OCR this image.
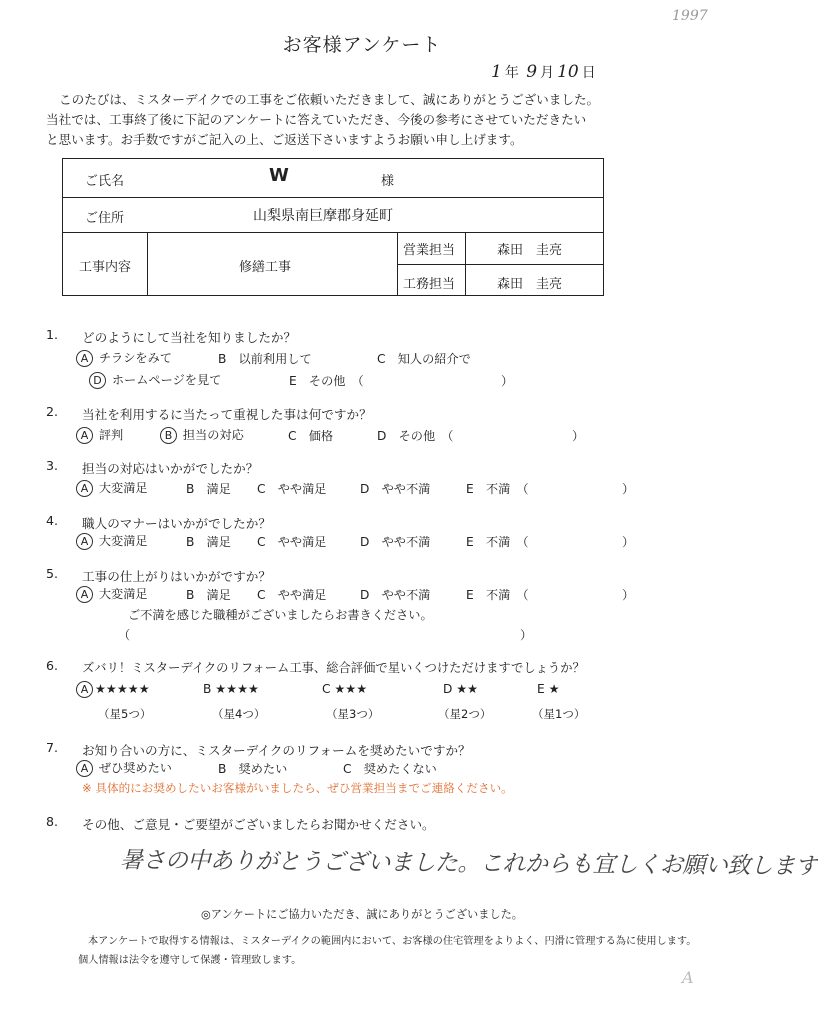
1997
お客様アンケート
1 年 9 月 10 日
このたびは、ミスターデイクでの工事をご依頼いただきまして、誠にありがとうございました。
当社では、工事終了後に下記のアンケートに答えていただき、今後の参考にさせていただきたい
と思います。お手数ですがご記入の上、ご返送下さいますようお願い申し上げます。
ご氏名	W	様
ご住所	山梨県南巨摩郡身延町
工事内容	修繕工事
営業担当	森田　圭亮
工務担当	森田　圭亮
1. どのようにして当社を知りましたか？
A チラシをみて	B　以前利用して	C　知人の紹介で
D ホームページを見て	E　その他　（	）
2. 当社を利用するに当たって重視した事は何ですか？
A 評判	B 担当の対応	C　価格	D　その他　（	）
3. 担当の対応はいかがでしたか？
A 大変満足	B　満足 C　やや満足	D　やや不満	E　不満　（	）
4. 職人のマナーはいかがでしたか？
A 大変満足	B　満足 C　やや満足	D　やや不満	E　不満　（	）
5. 工事の仕上がりはいかがですか？
A 大変満足	B　満足 C　やや満足	D　やや不満	E　不満　（	）
ご不満を感じた職種がございましたらお書きください。
（	）
6. ズバリ！ミスターデイクのリフォーム工事、総合評価で星いくつけただけますでしょうか？
A ★★★★★	B ★★★★	C ★★★	D ★★	E ★
（星5つ）	（星4つ）	（星3つ）	（星2つ）	（星1つ）
7. お知り合いの方に、ミスターデイクのリフォームを奨めたいですか？
A ぜひ奨めたい	B　奨めたい	C　奨めたくない
※ 具体的にお奨めしたいお客様がいましたら、ぜひ営業担当までご連絡ください。
8. その他、ご意見・ご要望がございましたらお聞かせください。
暑さの中ありがとうございました。これからも宜しくお願い致します
◎アンケートにご協力いただき、誠にありがとうございました。
本アンケートで取得する情報は、ミスターデイクの範囲内において、お客様の住宅管理をよりよく、円滑に管理する為に使用します。
個人情報は法令を遵守して保護・管理致します。
A
